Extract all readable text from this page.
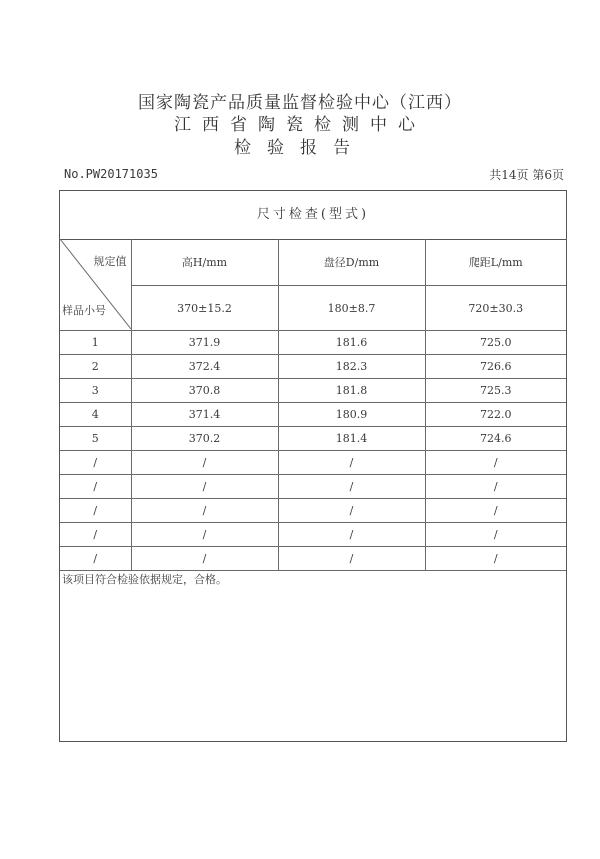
国家陶瓷产品质量监督检验中心（江西）
江西省陶瓷检测中心
检验报告
No.PW20171035	共14页 第6页
尺寸检查(型式)
规定值
样品小号	高H/mm	盘径D/mm	爬距L/mm
	370±15.2	180±8.7	720±30.3
1	371.9	181.6	725.0
2	372.4	182.3	726.6
3	370.8	181.8	725.3
4	371.4	180.9	722.0
5	370.2	181.4	724.6
/	/	/	/
/	/	/	/
/	/	/	/
/	/	/	/
/	/	/	/
该项目符合检验依据规定，合格。
